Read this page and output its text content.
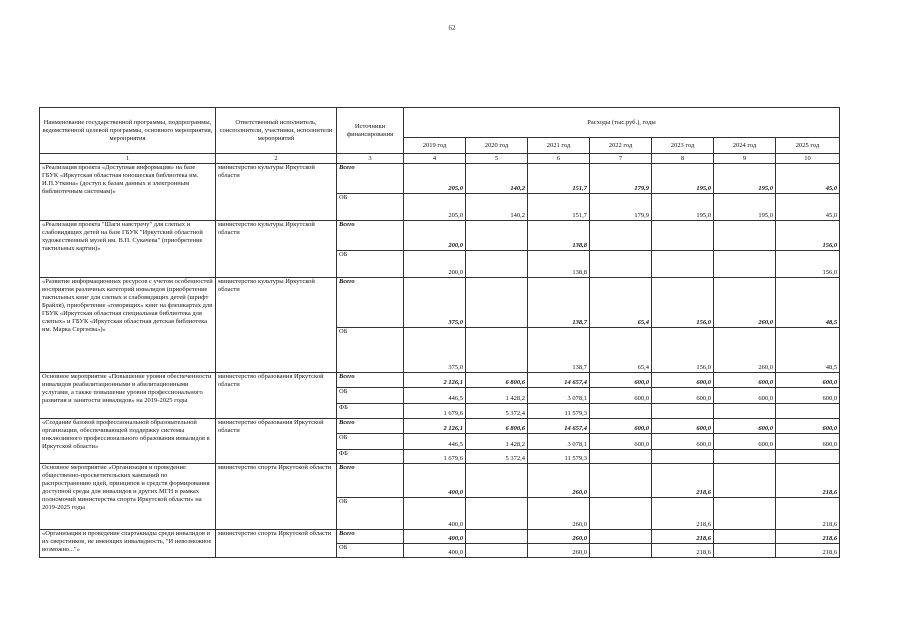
62
Наименование государственной программы, подпрограммы, ведомственной целевой программы, основного мероприятия, мероприятия	Ответственный исполнитель, соисполнители, участники, исполнители мероприятий	Источники финансирования	Расходы (тыс.руб.), годы						
			2019 год	2020 год	2021 год	2022 год	2023 год	2024 год	2025 год
1	2	3	4	5	6	7	8	9	10
«Реализация проекта «Доступная информация» на базе ГБУК «Иркутская областная юношеская библиотека им. И.П.Уткина» (доступ к базам данных и электронным библиотечным системам)»	министерство культуры Иркутской области	Всего	205,0	140,2	151,7	179,9	195,0	195,0	45,0
		ОБ	205,0	140,2	151,7	179,9	195,0	195,0	45,0
«Реализация проекта "Шаги навстречу" для слепых и слабовидящих детей на базе ГБУК "Иркутский областной художественный музей им. В.П. Сукачева" (приобретение тактильных картин)»	министерство культуры Иркутской области	Всего	200,0		138,8				156,0
		ОБ	200,0		138,8				156,0
«Развитие информационных ресурсов с учетом особенностей восприятия различных категорий инвалидов (приобретение тактильных книг для слепых и слабовидящих детей (шрифт Брайля), приобретение «говорящих» книг на флешкартах для ГБУК «Иркутская областная специальная библиотека для слепых» и ГБУК «Иркутская областная детская библиотека им. Марка Сергеева»)»	министерство культуры Иркутской области	Всего	375,0		138,7	65,4	156,0	260,0	48,5
		ОБ	375,0		138,7	65,4	156,0	260,0	48,5
Основное мероприятие «Повышение уровня обеспеченности инвалидов реабилитационными и абилитационными услугами, а также повышение уровня профессионального развития и занятости инвалидов» на 2019-2025 годы	министерство образования Иркутской области	Всего	2 126,1	6 800,6	14 657,4	600,0	600,0	600,0	600,0
		ОБ	446,5	1 428,2	3 078,1	600,0	600,0	600,0	600,0
		ФБ	1 679,6	5 372,4	11 579,3				
«Создание базовой профессиональной образовательной организации, обеспечивающей поддержку системы инклюзивного профессионального образования инвалидов в Иркутской области»	министерство образования Иркутской области	Всего	2 126,1	6 800,6	14 657,4	600,0	600,0	600,0	600,0
		ОБ	446,5	1 428,2	3 078,1	600,0	600,0	600,0	600,0
		ФБ	1 679,6	5 372,4	11 579,3				
Основное мероприятие «Организация и проведение общественно-просветительских кампаний по распространению идей, принципов и средств формирования доступной среды для инвалидов и других МГН в рамках полномочий министерства спорта Иркутской области» на 2019-2025 годы	министерство спорта Иркутской области	Всего	400,0		260,0		218,6		218,6
		ОБ	400,0		260,0		218,6		218,6
«Организация и проведение спартакиады среди инвалидов и их сверстников, не имеющих инвалидность, "И невозможное возможно..."»	министерство спорта Иркутской области	Всего	400,0		260,0		218,6		218,6
		ОБ	400,0		260,0		218,6		218,6
